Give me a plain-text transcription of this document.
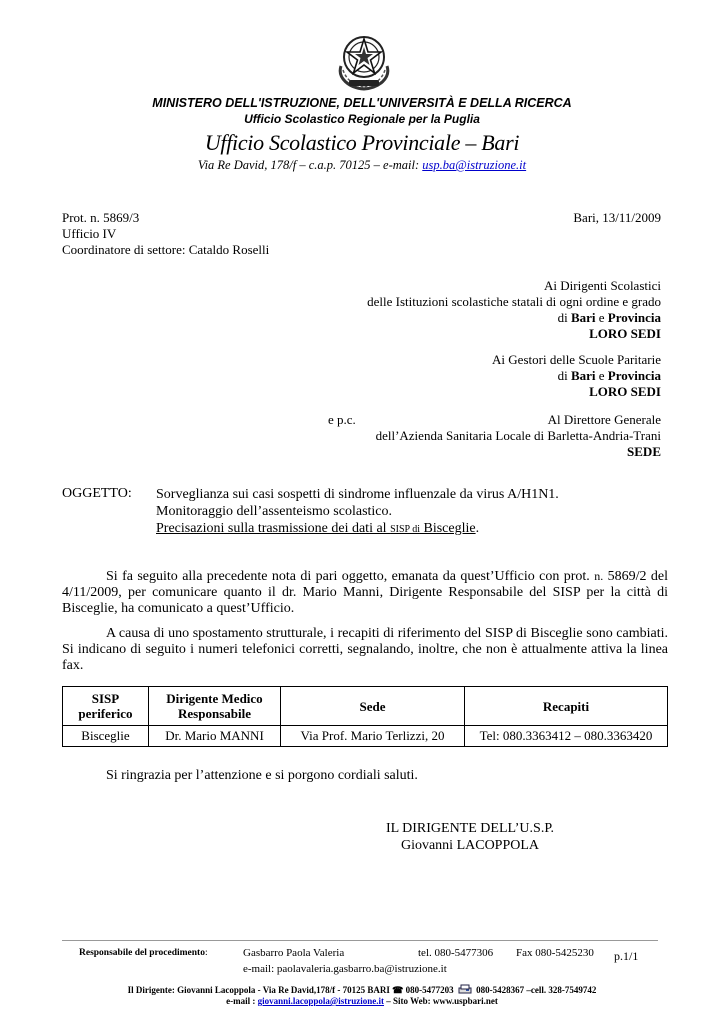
MINISTERO DELL'ISTRUZIONE, DELL'UNIVERSITÀ E DELLA RICERCA
Ufficio Scolastico Regionale per la Puglia
Ufficio Scolastico Provinciale – Bari
Via Re David, 178/f – c.a.p. 70125 – e-mail: usp.ba@istruzione.it
Prot. n. 5869/3	Bari, 13/11/2009
Ufficio IV
Coordinatore di settore: Cataldo Roselli
Ai Dirigenti Scolastici
delle Istituzioni scolastiche statali di ogni ordine e grado
di Bari e Provincia
LORO SEDI
Ai Gestori delle Scuole Paritarie
di Bari e Provincia
LORO SEDI
e p.c.	Al Direttore Generale
dell’Azienda Sanitaria Locale di Barletta-Andria-Trani
SEDE
OGGETTO: Sorveglianza sui casi sospetti di sindrome influenzale da virus A/H1N1.
Monitoraggio dell’assenteismo scolastico.
Precisazioni sulla trasmissione dei dati al SISP di Bisceglie.
Si fa seguito alla precedente nota di pari oggetto, emanata da quest’Ufficio con prot. n. 5869/2 del 4/11/2009, per comunicare quanto il dr. Mario Manni, Dirigente Responsabile del SISP per la città di Bisceglie, ha comunicato a quest’Ufficio.
A causa di uno spostamento strutturale, i recapiti di riferimento del SISP di Bisceglie sono cambiati. Si indicano di seguito i numeri telefonici corretti, segnalando, inoltre, che non è attualmente attiva la linea fax.
SISP periferico	Dirigente Medico Responsabile	Sede	Recapiti
Bisceglie	Dr. Mario MANNI	Via Prof. Mario Terlizzi, 20	Tel: 080.3363412 – 080.3363420
Si ringrazia per l’attenzione e si porgono cordiali saluti.
IL DIRIGENTE DELL’U.S.P.
Giovanni LACOPPOLA
Responsabile del procedimento:	Gasbarro Paola Valeria	tel. 080-5477306 Fax 080-5425230 p.1/1
e-mail: paolavaleria.gasbarro.ba@istruzione.it
Il Dirigente: Giovanni Lacoppola - Via Re David,178/f - 70125 BARI ☎ 080-5477203	080-5428367 –cell. 328-7549742
e-mail : giovanni.lacoppola@istruzione.it – Sito Web: www.uspbari.net
